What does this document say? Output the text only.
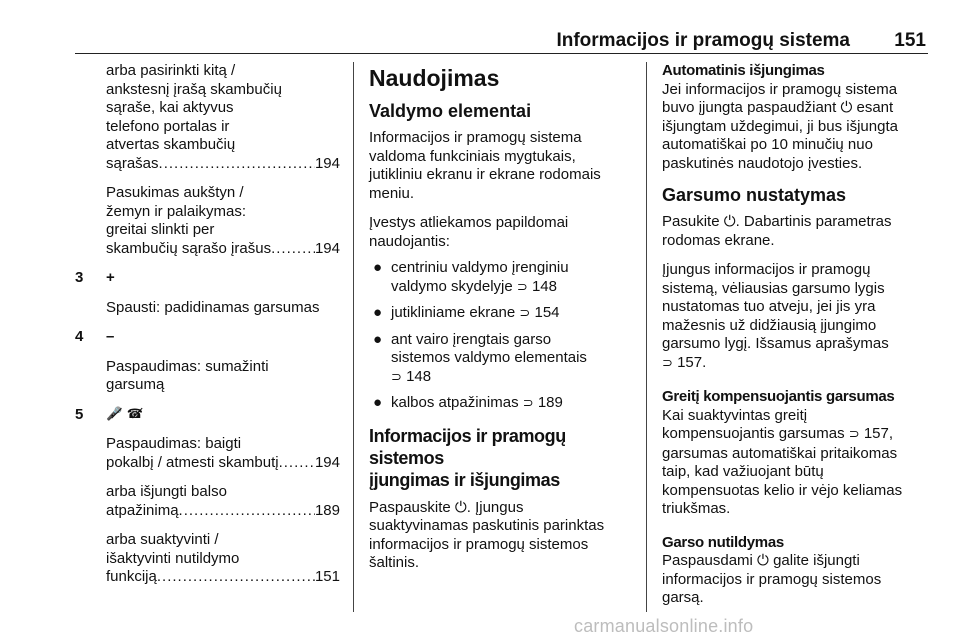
Informacijos ir pramogų sistema	151
arba pasirinkti kitą /
ankstesnį įrašą skambučių
sąraše, kai aktyvus
telefono portalas ir
atvertas skambučių
sąrašas .....	194
Pasukimas aukštyn /
žemyn ir palaikymas:
greitai slinkti per
skambučių sąrašo įrašus .....	194
3	+
Spausti: padidinamas garsumas
4	–
Paspaudimas: sumažinti
garsumą
5	🎤̸ ☎̸
Paspaudimas: baigti
pokalbį / atmesti skambutį ..... 194
arba išjungti balso
atpažinimą .....	189
arba suaktyvinti /
išaktyvinti nutildymo
funkciją .....	151
Naudojimas
Valdymo elementai

Informacijos ir pramogų sistema
valdoma funkciniais mygtukais,
jutikliniu ekranu ir ekrane rodomais
meniu.

Įvestys atliekamos papildomai
naudojantis:

● centriniu valdymo įrenginiu
valdymo skydelyje ⊃ 148
● jutikliniame ekrane ⊃ 154
● ant vairo įrengtais garso
sistemos valdymo elementais
⊃ 148
● kalbos atpažinimas ⊃ 189
Informacijos ir pramogų sistemos
įjungimas ir išjungimas

Paspauskite ⏻. Įjungus
suaktyvinamas paskutinis parinktas
informacijos ir pramogų sistemos
šaltinis.

Automatinis išjungimas

Jei informacijos ir pramogų sistema
buvo įjungta paspaudžiant ⏻ esant
išjungtam uždegimui, ji bus išjungta
automatiškai po 10 minučių nuo
paskutinės naudotojo įvesties.

Garsumo nustatymas

Pasukite ⏻. Dabartinis parametras
rodomas ekrane.

Įjungus informacijos ir pramogų
sistemą, vėliausias garsumo lygis
nustatomas tuo atveju, jei jis yra
mažesnis už didžiausią įjungimo
garsumo lygį. Išsamus aprašymas
⊃ 157.

Greitį kompensuojantis garsumas

Kai suaktyvintas greitį
kompensuojantis garsumas ⊃ 157,
garsumas automatiškai pritaikomas
taip, kad važiuojant būtų
kompensuotas kelio ir vėjo keliamas
triukšmas.

Garso nutildymas

Paspausdami ⏻ galite išjungti
informacijos ir pramogų sistemos
garsą.

carmanualsonline.info
